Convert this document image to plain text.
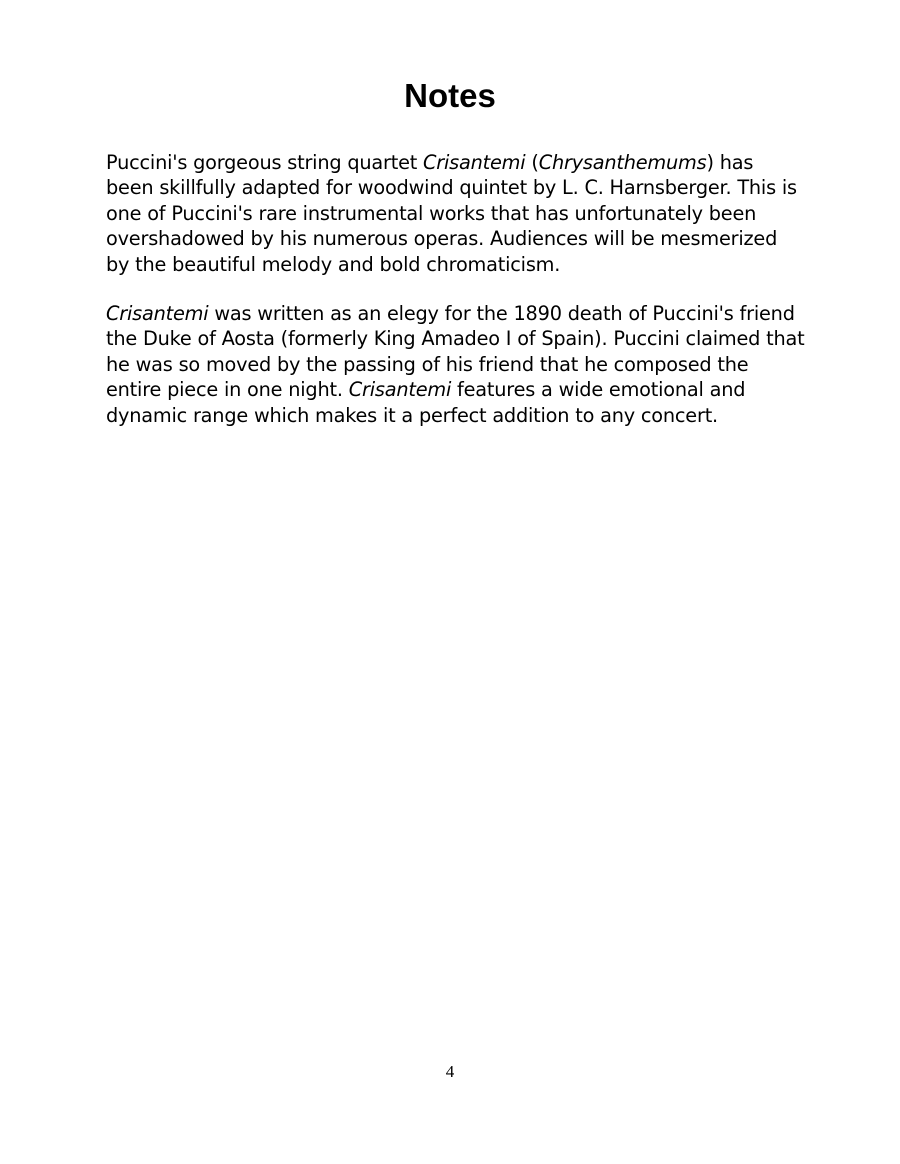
Notes

Puccini's gorgeous string quartet Crisantemi (Chrysanthemums) has been skillfully adapted for woodwind quintet by L. C. Harnsberger. This is one of Puccini's rare instrumental works that has unfortunately been overshadowed by his numerous operas. Audiences will be mesmerized by the beautiful melody and bold chromaticism.

Crisantemi was written as an elegy for the 1890 death of Puccini's friend the Duke of Aosta (formerly King Amadeo I of Spain). Puccini claimed that he was so moved by the passing of his friend that he composed the entire piece in one night. Crisantemi features a wide emotional and dynamic range which makes it a perfect addition to any concert.

4
